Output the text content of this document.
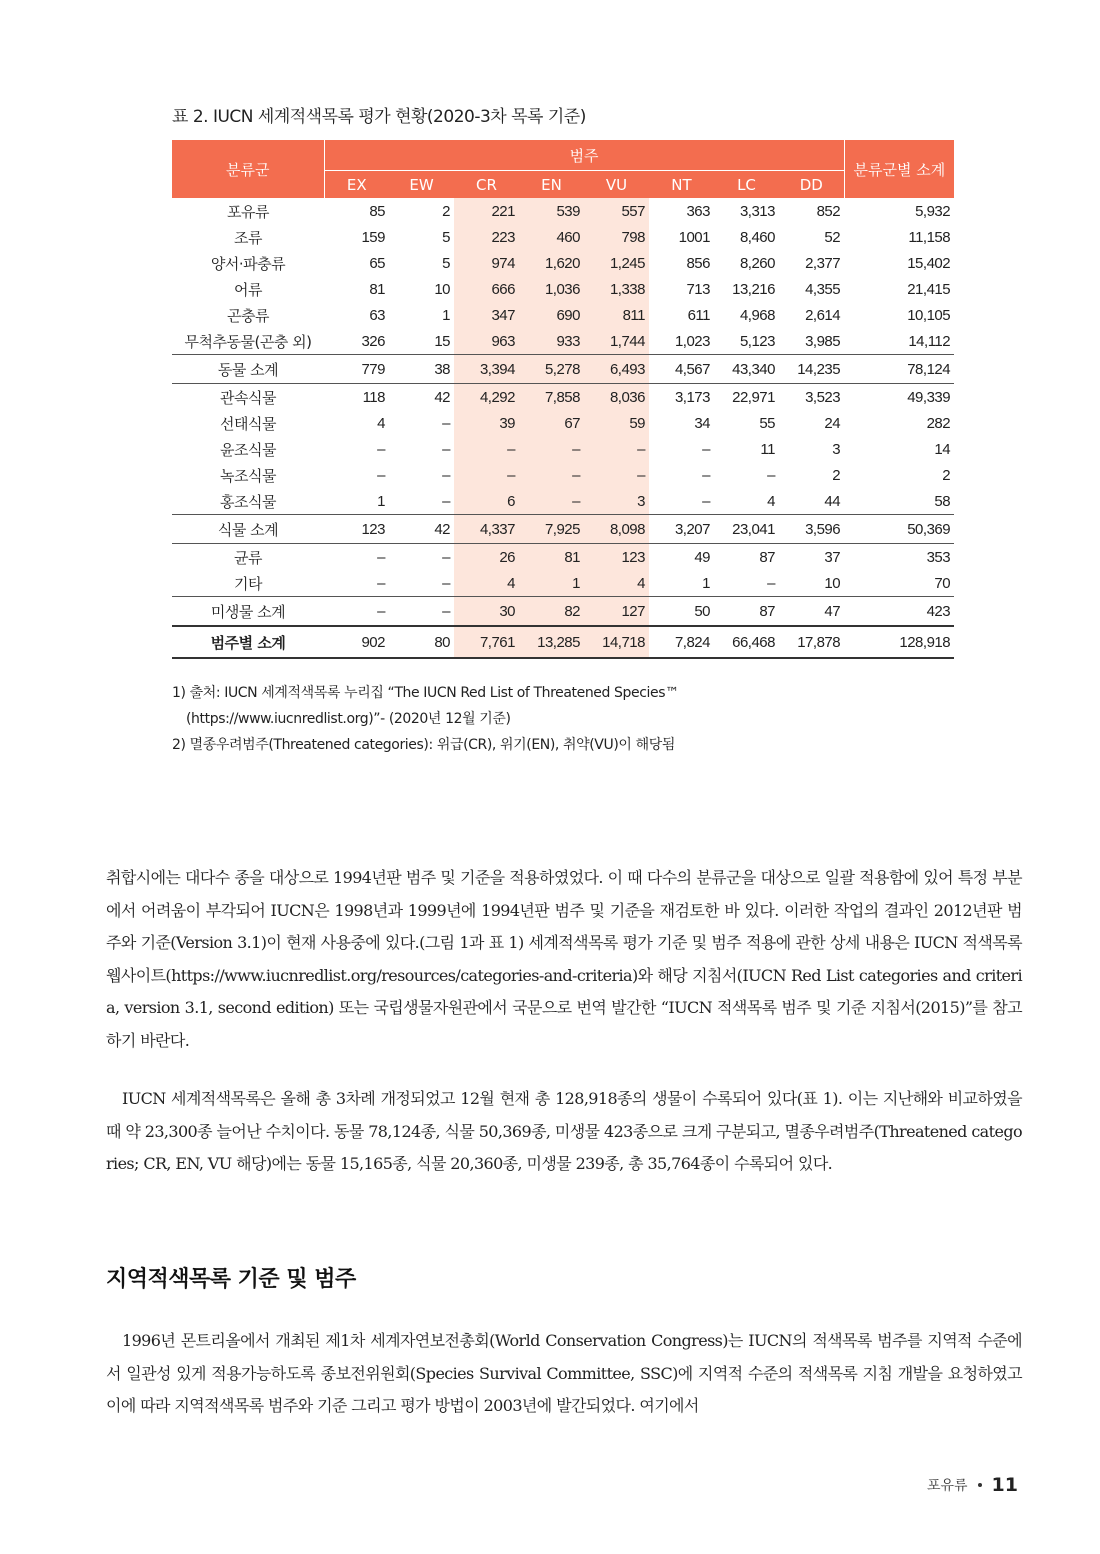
표 2. IUCN 세계적색목록 평가 현황(2020-3차 목록 기준)
분류군	범주								분류군별 소계
	EX	EW	CR	EN	VU	NT	LC	DD	
포유류	85	2	221	539	557	363	3,313	852	5,932
조류	159	5	223	460	798	1001	8,460	52	11,158
양서·파충류	65	5	974	1,620	1,245	856	8,260	2,377	15,402
어류	81	10	666	1,036	1,338	713	13,216	4,355	21,415
곤충류	63	1	347	690	811	611	4,968	2,614	10,105
무척추동물(곤충 외)	326	15	963	933	1,744	1,023	5,123	3,985	14,112
동물 소계	779	38	3,394	5,278	6,493	4,567	43,340	14,235	78,124
관속식물	118	42	4,292	7,858	8,036	3,173	22,971	3,523	49,339
선태식물	4	–	39	67	59	34	55	24	282
윤조식물	–	–	–	–	–	–	11	3	14
녹조식물	–	–	–	–	–	–	–	2	2
홍조식물	1	–	6	–	3	–	4	44	58
식물 소계	123	42	4,337	7,925	8,098	3,207	23,041	3,596	50,369
균류	–	–	26	81	123	49	87	37	353
기타	–	–	4	1	4	1	–	10	70
미생물 소계	–	–	30	82	127	50	87	47	423
범주별 소계	902	80	7,761	13,285	14,718	7,824	66,468	17,878	128,918

1) 출처: IUCN 세계적색목록 누리집 “The IUCN Red List of Threatened Species™

(https://www.iucnredlist.org)”- (2020년 12월 기준)

2) 멸종우려범주(Threatened categories): 위급(CR), 위기(EN), 취약(VU)이 해당됨

취합시에는 대다수 종을 대상으로 1994년판 범주 및 기준을 적용하였었다. 이 때 다수의 분류군을 대상으로 일괄 적용함에 있어 특정 부분에서 어려움이 부각되어 IUCN은 1998년과 1999년에 1994년판 범주 및 기준을 재검토한 바 있다. 이러한 작업의 결과인 2012년판 범주와 기준(Version 3.1)이 현재 사용중에 있다.(그림 1과 표 1) 세계적색목록 평가 기준 및 범주 적용에 관한 상세 내용은 IUCN 적색목록 웹사이트(https://www.iucnredlist.org/resources/categories-and-criteria)와 해당 지침서(IUCN Red List categories and criteria, version 3.1, second edition) 또는 국립생물자원관에서 국문으로 번역 발간한 “IUCN 적색목록 범주 및 기준 지침서(2015)”를 참고하기 바란다.

IUCN 세계적색목록은 올해 총 3차례 개정되었고 12월 현재 총 128,918종의 생물이 수록되어 있다(표 1). 이는 지난해와 비교하였을 때 약 23,300종 늘어난 수치이다. 동물 78,124종, 식물 50,369종, 미생물 423종으로 크게 구분되고, 멸종우려범주(Threatened categories; CR, EN, VU 해당)에는 동물 15,165종, 식물 20,360종, 미생물 239종, 총 35,764종이 수록되어 있다.

지역적색목록 기준 및 범주

1996년 몬트리올에서 개최된 제1차 세계자연보전총회(World Conservation Congress)는 IUCN의 적색목록 범주를 지역적 수준에서 일관성 있게 적용가능하도록 종보전위원회(Species Survival Committee, SSC)에 지역적 수준의 적색목록 지침 개발을 요청하였고 이에 따라 지역적색목록 범주와 기준 그리고 평가 방법이 2003년에 발간되었다. 여기에서

포유류 11
